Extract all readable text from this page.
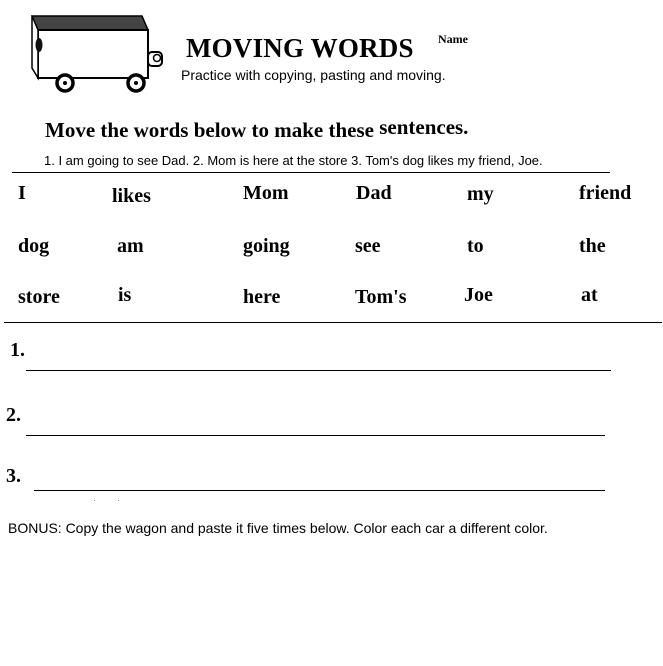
MOVING WORDS Name
Practice with copying, pasting and moving.
Move the words below to make these sentences.
1. I am going to see Dad. 2. Mom is here at the store 3. Tom's dog likes my friend, Joe.
I	likes	Mom	Dad	my	friend
dog	am	going	see	to	the
store	is	here	Tom's	Joe	at
1.
2.
3.
BONUS: Copy the wagon and paste it five times below. Color each car a different color.
